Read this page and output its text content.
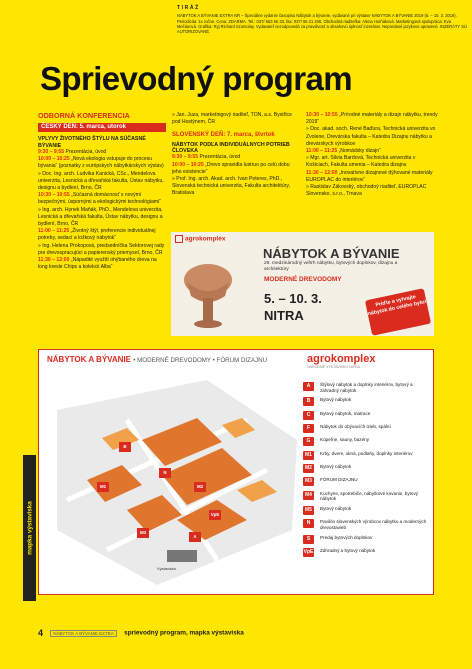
TIRÁŽ
NÁBYTOK A BÝVANIE EXTRA NR – Špeciálne vydanie časopisu Nábytok a bývanie, vydávané pri výstave NÁBYTOK A BÝVANIE 2019 (5. – 10. 3. 2019). Periodicita: 1x ročne. Cena: ZDARMA. Tel.: 037/ 653 65 33, fax: 037/ 65 31 406. Obchodná riaditeľka: Alena Horňáková. Marketingová spolupráca: Eva Mečiarová. Grafika: Ryj Richard Szomolay. Vydavateľ nezodpovedá za pravdivosť a obsahovú úplnosť inzerátov. Nepredané jazykovo upravené. INZERÁTY SÚ AUTORIZOVANÉ.
Sprievodný program
ODBORNÁ KONFERENCIA
ČESKÝ DEŇ: 5. marca, utorok
VPLYVY ŽIVOTNÉHO ŠTÝLU NA SÚČASNÉ BÝVANIE
9:30 – 9:55 Prezentácia, úvod
10:00 – 10:25 „Nová ekologia vstupuje do procesu bývania“ (poznatky z európskych nábytkárskych výstav)
» Doc. Ing. arch. Ludvika Kanická, CSc., Mendelova univerzita, Lesnická a dřevařská fakulta, Ústav nábytku, designu a bydlení, Brno, ČR
10:30 – 10:55 „Súčasná domácnosť s novými bezpečnými, úspornými a ekologickými technológiami“
» Ing. arch. Hynek Maňák, PhD., Mendelova univerzita, Lesnická a dřevařská fakulta, Ústav nábytku, designu a bydlení, Brno, ČR
11:00 – 11:25 „Životný štýl, preferencie individuálnej potreby, sedací a ložkový nábytok“
» Ing. Helena Prokopová, predsedníčka Sektorovej rady pre drevospracujúci a papierenský priemysel, Brno, ČR
11:30 – 12:00 „Nápadité využití ohýbaného dreva na long kresle Chips a kolekcii Alba“
» Jan. Juza, marketingový riaditeľ, TON, a.s. Bystřice pod Hostýnem, ČR
SLOVENSKÝ DEŇ: 7. marca, štvrtok
NÁBYTOK PODĽA INDIVIDUÁLNYCH POTRIEB ČLOVEKA
9:30 – 9:55 Prezentácia, úvod
10:00 – 10:25 „Drevo spravidla lustruo po celú dobu jeho existencie“
» Prof. Ing. arch. Akad. arch. Ivan Peteres, PhD., Slovenská technická univerzita, Fakulta architektúry, Bratislava
10:30 – 10:55 „Prírodné materiály a dizajn nábytku, trendy 2019“
» Doc. akad. soch. René Baďura, Technická univerzita vo Zvolene, Drevárska fakulta – Katedra Dizajnu nábytku a drevárskych výrobkov
11:00 – 11:25 „Nomádsky dizajn“
» Mgr. art. Silvia Bardová, Technická univerzita v Košiciach, Fakulta umenia – Katedra dizajnu
11:30 – 12:00 „Inovatívne dizajnové dýhované materiály EUROPLAC do interiérov“
» Rastislav Zákovský, obchodný riaditeľ, EUROPLAC Slovensko, s.r.o., Trnava
agrokomplex
NÁBYTOK A BÝVANIE
29. medzinárodný veľtrh nábytku, bytových doplnkov, dizajnu a architektúry
MODERNÉ DREVODOMY
5. – 10. 3.
NITRA
Príďte a vyhrajte nábytok do celého bytu!
NÁBYTOK A BÝVANIE • MODERNÉ DREVODOMY • FÓRUM DIZAJNU	agrokomplex
NÁRODNÉ VÝSTAVISKO NITRA
M1	M2
M3
N
A
B
VpE
Výstavisko
A	Štýlový nábytok a doplnky interiérov, bytový a záhradný nábytok
B	Bytový nábytok
C	Bytový nábytok, matrace
F	Nábytok do obývacích izieb, spální
G	Kúpeľne, sauny, bazény
M1	Krby, dvere, okná, podlahy, doplnky interiérov
M2	Bytový nábytok
M3	FÓRUM DIZAJNU
M4	Kuchyne, spotrebiče, nábytkové kovanie, bytový nábytok
M5	Bytový nábytok
N	Pavilón slovenských výrobcov nábytku a moderných drevostavieb
S	Predaj bytových doplnkov
VpE Záhradný a bytový nábytok
mapka výstaviska
4 NÁBYTOK A BÝVANIE EXTRA sprievodný program, mapka výstaviska
